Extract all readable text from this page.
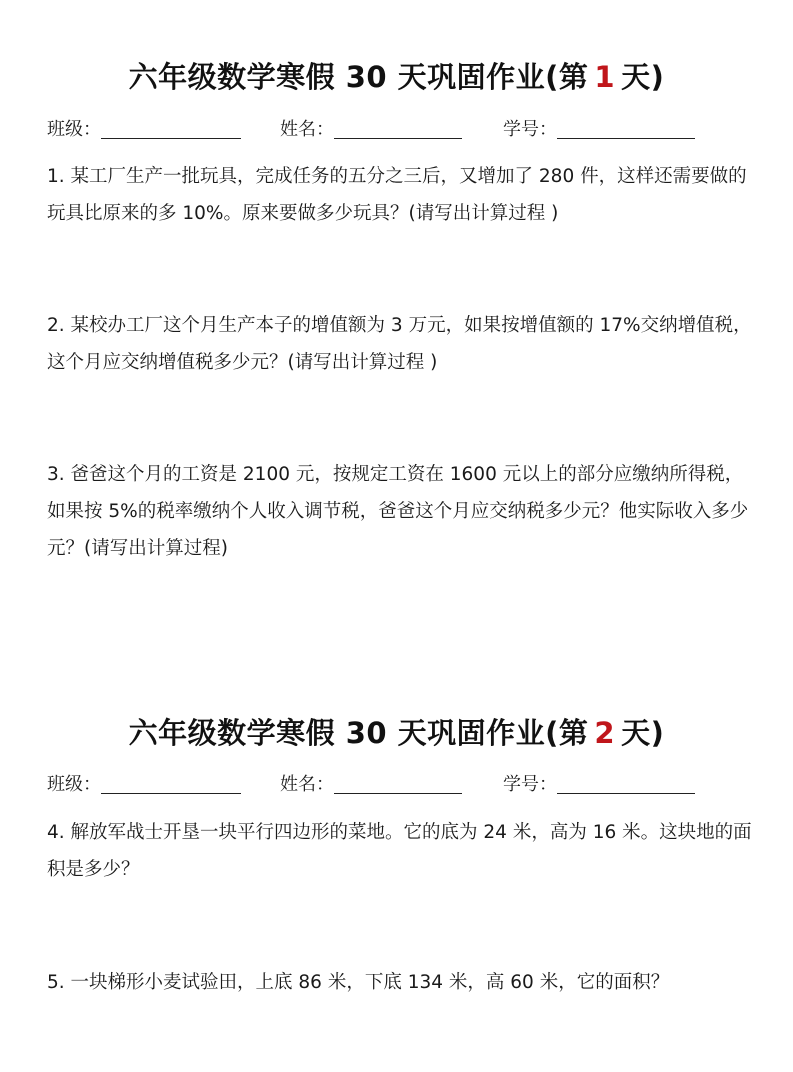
六年级数学寒假 30 天巩固作业(第 1 天)
班级：	姓名：	学号：

1. 某工厂生产一批玩具，完成任务的五分之三后，又增加了 280 件，这样还需要做的玩具比原来的多 10%。原来要做多少玩具？(请写出计算过程 )

2. 某校办工厂这个月生产本子的增值额为 3 万元，如果按增值额的 17%交纳增值税，这个月应交纳增值税多少元？(请写出计算过程 )

3. 爸爸这个月的工资是 2100 元，按规定工资在 1600 元以上的部分应缴纳所得税，如果按 5%的税率缴纳个人收入调节税，爸爸这个月应交纳税多少元？他实际收入多少元？(请写出计算过程)

六年级数学寒假 30 天巩固作业(第 2 天)
班级：	姓名：	学号：

4. 解放军战士开垦一块平行四边形的菜地。它的底为 24 米，高为 16 米。这块地的面积是多少？

5. 一块梯形小麦试验田，上底 86 米，下底 134 米，高 60 米，它的面积？
